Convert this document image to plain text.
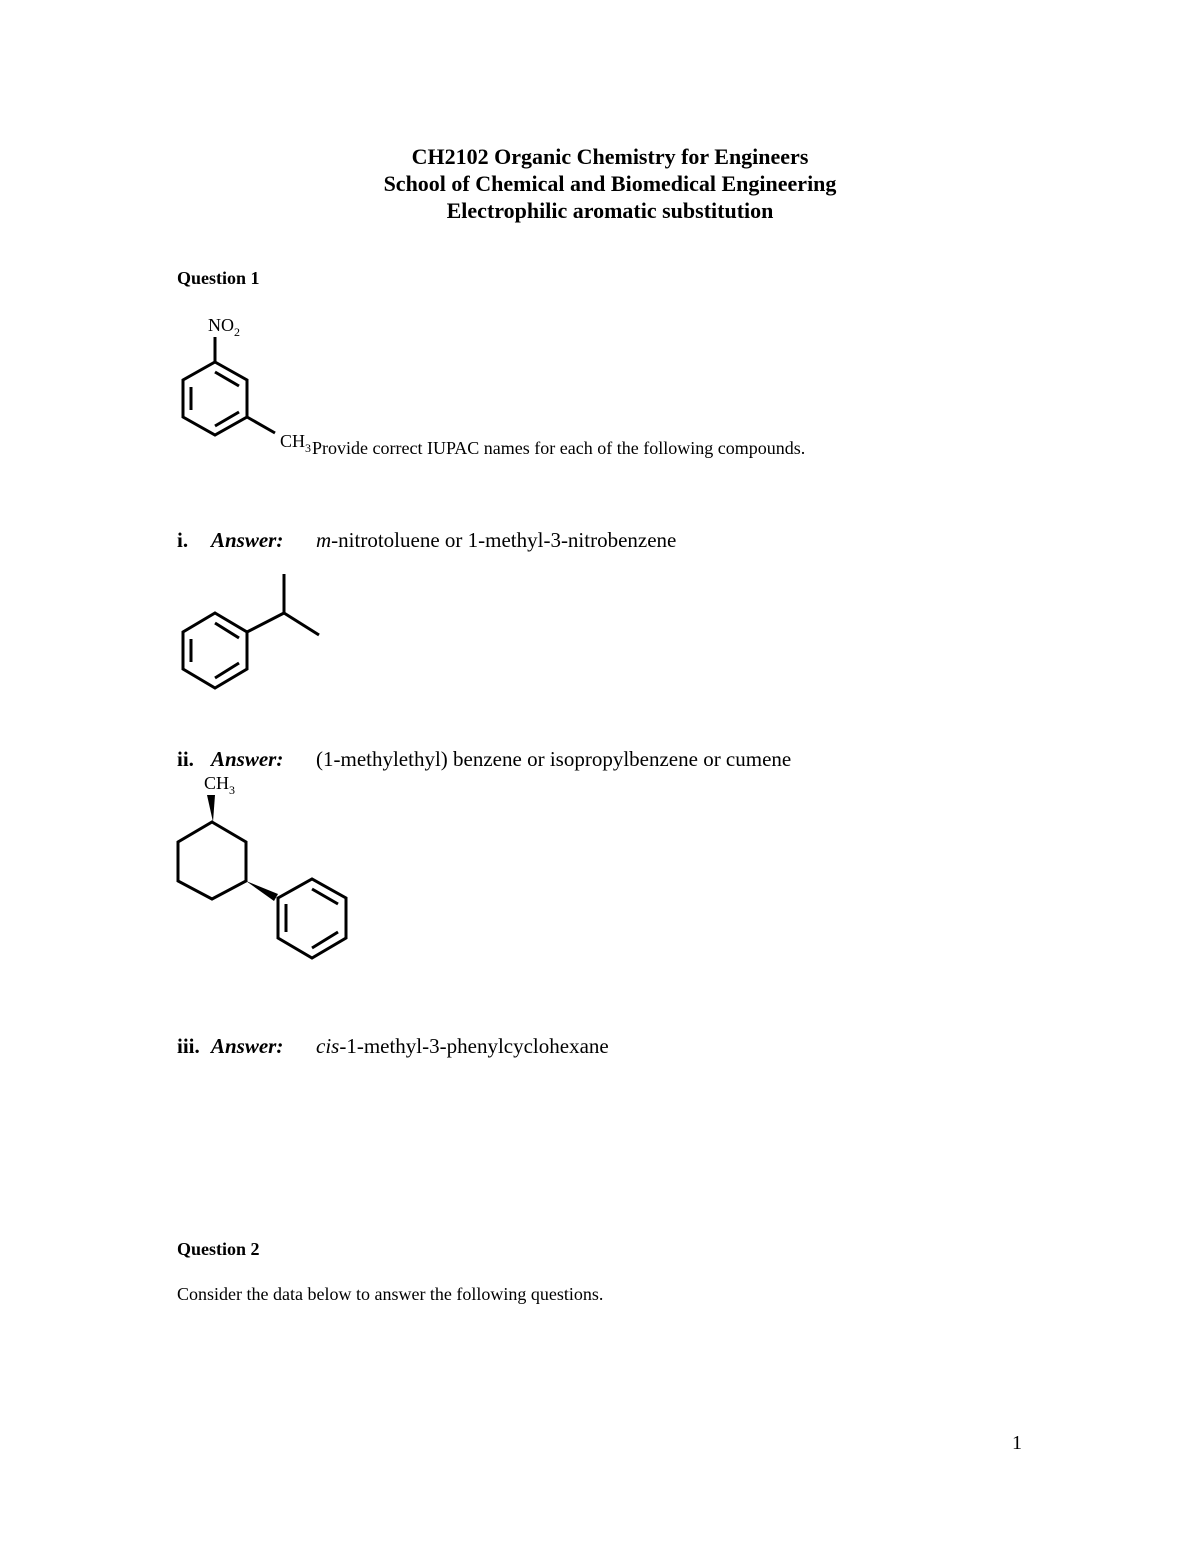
CH2102 Organic Chemistry for Engineers
School of Chemical and Biomedical Engineering
Electrophilic aromatic substitution
Question 1
$NO_2$
$CH_3$ Provide correct IUPAC names for each of the following compounds.
i. Answer: m-nitrotoluene or 1-methyl-3-nitrobenzene
ii. Answer: (1-methylethyl) benzene or isopropylbenzene or cumene
$CH_3$
iii. Answer: cis-1-methyl-3-phenylcyclohexane
Question 2
Consider the data below to answer the following questions.
1
